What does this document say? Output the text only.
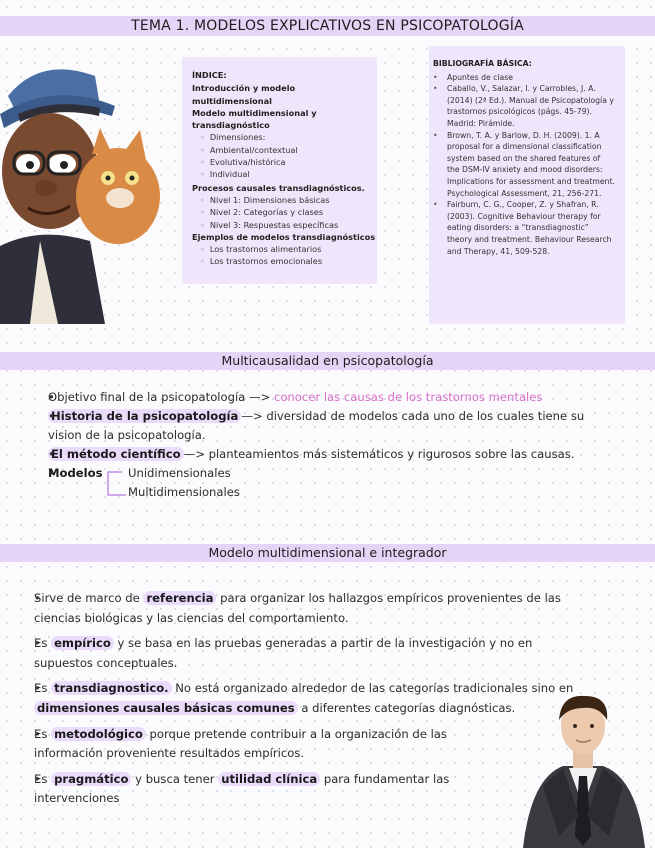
TEMA 1. MODELOS EXPLICATIVOS EN PSICOPATOLOGÍA
ÍNDICE:
Introducción y modelo multidimensional
Modelo multidimensional y transdiagnóstico
◦ Dimensiones:
◦ Ambiental/contextual
◦ Evolutiva/histórica
◦ Individual
Procesos causales transdiagnósticos.
◦ Nivel 1: Dimensiones básicas
◦ Nivel 2: Categorías y clases
◦ Nivel 3: Respuestas específicas
Ejemplos de modelos transdiagnósticos
◦ Los trastornos alimentarios
◦ Los trastornos emocionales
BIBLIOGRAFÍA BÁSICA:
• Apuntes de clase
• Caballo, V., Salazar, I. y Carrobles, J. A. (2014) (2ª Ed.). Manual de Psicopatología y trastornos psicológicos (págs. 45-79). Madrid: Pirámide.
• Brown, T. A. y Barlow, D. H. (2009). 1. A proposal for a dimensional classification system based on the shared features of the DSM-IV anxiety and mood disorders: Implications for assessment and treatment. Psychological Assessment, 21, 256-271.
• Fairburn, C. G., Cooper, Z. y Shafran, R. (2003). Cognitive Behaviour therapy for eating disorders: a “transdiagnostic” theory and treatment. Behaviour Research and Therapy, 41, 509-528.
Multicausalidad en psicopatología
• Objetivo final de la psicopatología —> conocer las causas de los trastornos mentales
• Historia de la psicopatología —> diversidad de modelos cada uno de los cuales tiene su vision de la psicopatología.
• El método científico —> planteamientos más sistemáticos y rigurosos sobre las causas.
• Modelos Unidimensionales
Multidimensionales
Modelo multidimensional e integrador
• Sirve de marco de referencia para organizar los hallazgos empíricos provenientes de las ciencias biológicas y las ciencias del comportamiento.
• Es empírico y se basa en las pruebas generadas a partir de la investigación y no en supuestos conceptuales.
• Es transdiagnostico. No está organizado alrededor de las categorías tradicionales sino en dimensiones causales básicas comunes a diferentes categorías diagnósticas.
• Es metodológico porque pretende contribuir a la organización de las información proveniente resultados empíricos.
• Es pragmático y busca tener utilidad clínica para fundamentar las intervenciones
